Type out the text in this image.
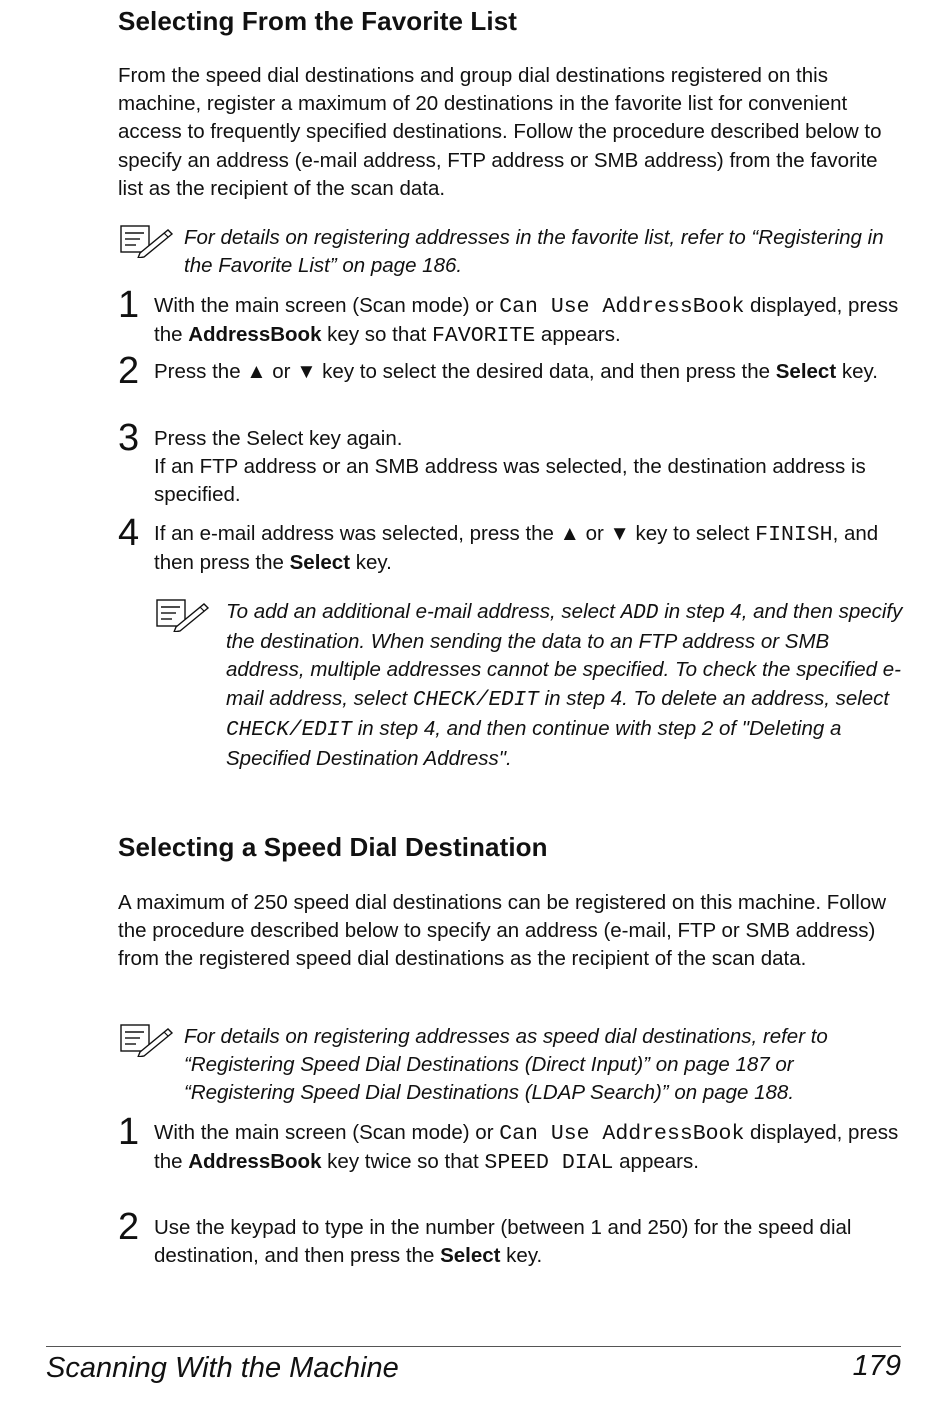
Selecting From the Favorite List

From the speed dial destinations and group dial destinations registered on this machine, register a maximum of 20 destinations in the favorite list for convenient access to frequently specified destinations. Follow the procedure described below to specify an address (e-mail address, FTP address or SMB address) from the favorite list as the recipient of the scan data.

For details on registering addresses in the favorite list, refer to “Registering in the Favorite List” on page 186.
1 With the main screen (Scan mode) or Can Use AddressBook displayed, press the AddressBook key so that FAVORITE appears.
2 Press the ▲ or ▼ key to select the desired data, and then press the Select key.
3 Press the Select key again.
If an FTP address or an SMB address was selected, the destination address is specified.
4 If an e-mail address was selected, press the ▲ or ▼ key to select FINISH, and then press the Select key.
To add an additional e-mail address, select ADD in step 4, and then specify the destination. When sending the data to an FTP address or SMB address, multiple addresses cannot be specified. To check the specified e-mail address, select CHECK/EDIT in step 4. To delete an address, select CHECK/EDIT in step 4, and then continue with step 2 of "Deleting a Specified Destination Address".
Selecting a Speed Dial Destination

A maximum of 250 speed dial destinations can be registered on this machine. Follow the procedure described below to specify an address (e-mail, FTP or SMB address) from the registered speed dial destinations as the recipient of the scan data.

For details on registering addresses as speed dial destinations, refer to “Registering Speed Dial Destinations (Direct Input)” on page 187 or “Registering Speed Dial Destinations (LDAP Search)” on page 188.
1 With the main screen (Scan mode) or Can Use AddressBook displayed, press the AddressBook key twice so that SPEED DIAL appears.
2 Use the keypad to type in the number (between 1 and 250) for the speed dial destination, and then press the Select key.
Scanning With the Machine	179
